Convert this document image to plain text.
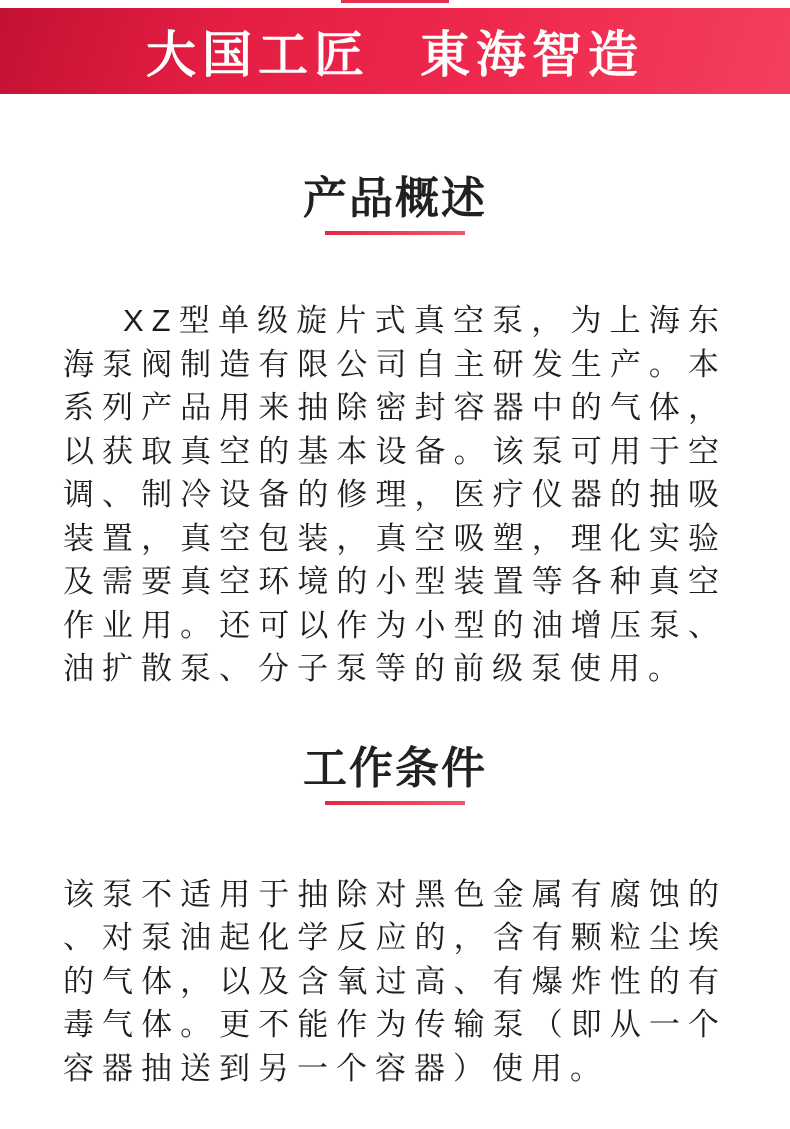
大国工匠 東海智造
产品概述

XZ型单级旋片式真空泵，为上海东海泵阀制造有限公司自主研发生产。本系列产品用来抽除密封容器中的气体，以获取真空的基本设备。该泵可用于空调、制冷设备的修理，医疗仪器的抽吸装置，真空包装，真空吸塑，理化实验及需要真空环境的小型装置等各种真空作业用。还可以作为小型的油增压泵、油扩散泵、分子泵等的前级泵使用。

工作条件

该泵不适用于抽除对黑色金属有腐蚀的、对泵油起化学反应的，含有颗粒尘埃的气体，以及含氧过高、有爆炸性的有毒气体。更不能作为传输泵（即从一个容器抽送到另一个容器）使用。
